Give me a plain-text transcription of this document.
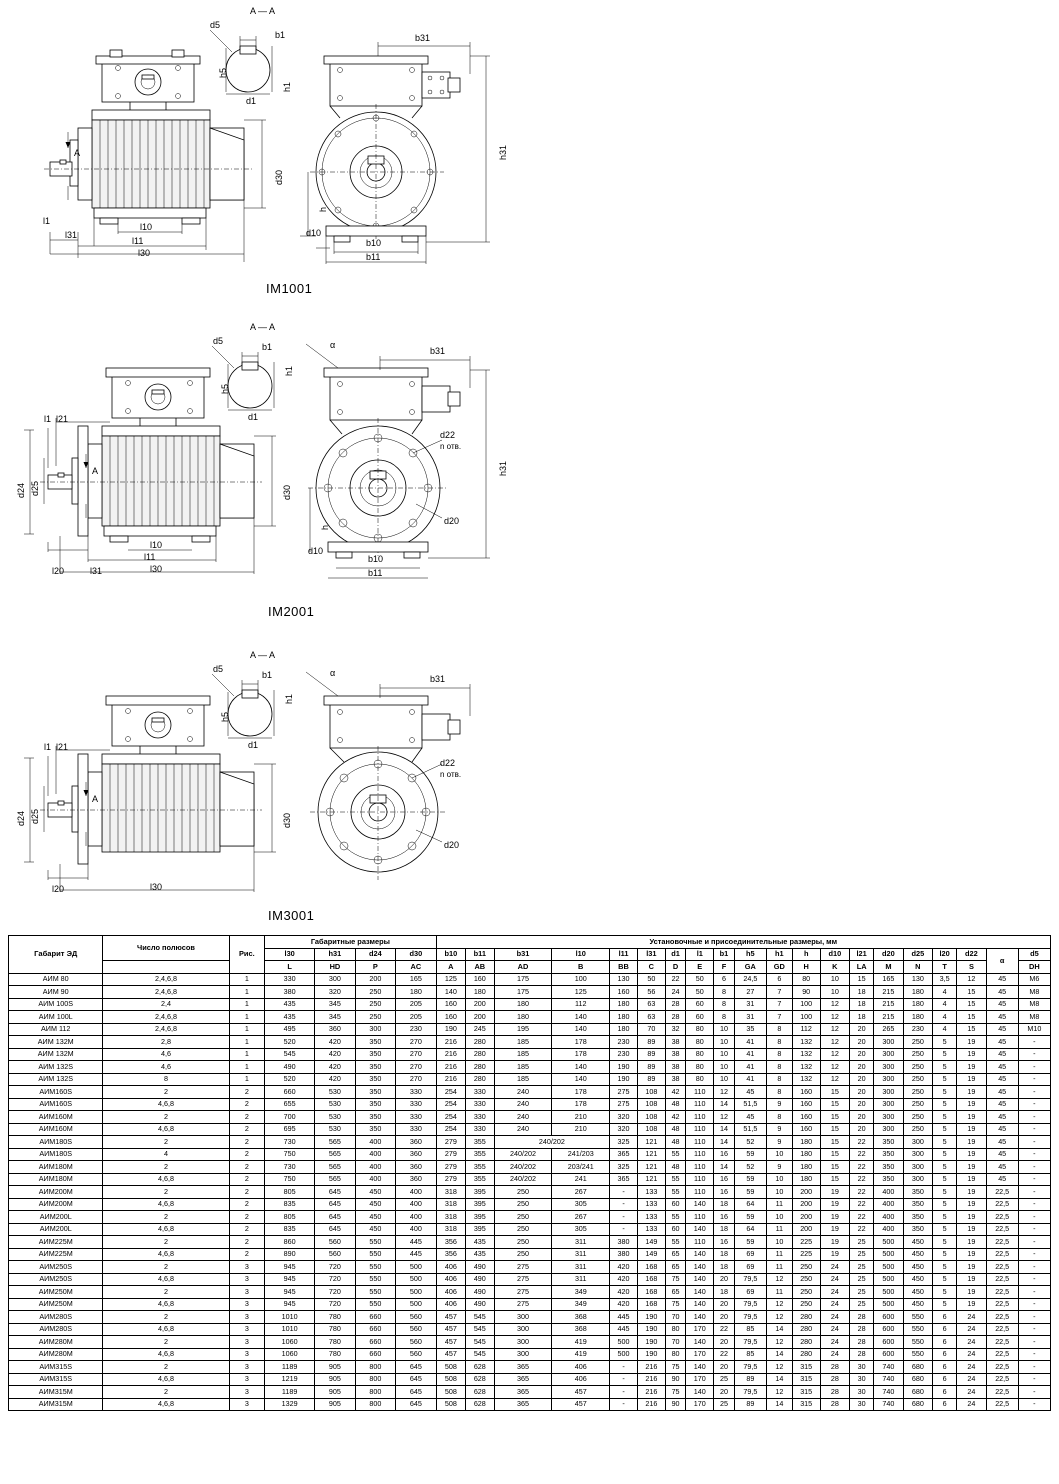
A — A
b1
d5
h5
h1
d1
b31
h31
d30
h
d10
b10
b11
A
l1
l31
l10
l11
l30
IM1001
A — A
b1
d5
h5
h1
d1
b31
α
h31
d30
h
d10
b10
b11
d22
n отв.
d20
l21
l1
d24 d25
A
l20	l31
l10
l11
l30
IM2001
A — A
b1
d5
h5
h1
d1
b31
α
d30
d22
n отв.
d20
l21
l1
d24 d25
A
l20	l30
IM3001
Габарит ЭД	Число полюсов	Рис.	Габаритные размеры				Установочные и присоединительные размеры, мм																			
			l30	h31	d24	d30	b10	b11	b31	l10	l11	l31	d1	l1	b1	h5	h1	h	d10	l21	d20	d25	l20	d22	α	d5
			L	HD	P	AC	A	AB	AD	B	BB	C	D	E	F	GA	GD	H	K	LA	M	N	T	S		DH
АИМ 80	2,4,6,8	1	330	300	200	165	125	160	175	100	130	50	22	50	6	24,5	6	80	10	15	165	130	3,5	12	45	М6
АИМ 90	2,4,6,8	1	380	320	250	180	140	180	175	125	160	56	24	50	8	27	7	90	10	18	215	180	4	15	45	М8
АИМ 100S	2,4	1	435	345	250	205	160	200	180	112	180	63	28	60	8	31	7	100	12	18	215	180	4	15	45	М8
АИМ 100L	2,4,6,8	1	435	345	250	205	160	200	180	140	180	63	28	60	8	31	7	100	12	18	215	180	4	15	45	М8
АИМ 112	2,4,6,8	1	495	360	300	230	190	245	195	140	180	70	32	80	10	35	8	112	12	20	265	230	4	15	45	М10
АИМ 132М	2,8	1	520	420	350	270	216	280	185	178	230	89	38	80	10	41	8	132	12	20	300	250	5	19	45	-
АИМ 132М	4,6	1	545	420	350	270	216	280	185	178	230	89	38	80	10	41	8	132	12	20	300	250	5	19	45	-
АИМ 132S	4,6	1	490	420	350	270	216	280	185	140	190	89	38	80	10	41	8	132	12	20	300	250	5	19	45	-
АИМ 132S	8	1	520	420	350	270	216	280	185	140	190	89	38	80	10	41	8	132	12	20	300	250	5	19	45	-
АИМ160S	2	2	660	530	350	330	254	330	240	178	275	108	42	110	12	45	8	160	15	20	300	250	5	19	45	-
АИМ160S	4,6,8	2	655	530	350	330	254	330	240	178	275	108	48	110	14	51,5	9	160	15	20	300	250	5	19	45	-
АИМ160М	2	2	700	530	350	330	254	330	240	210	320	108	42	110	12	45	8	160	15	20	300	250	5	19	45	-
АИМ160М	4,6,8	2	695	530	350	330	254	330	240	210	320	108	48	110	14	51,5	9	160	15	20	300	250	5	19	45	-
АИМ180S	2	2	730	565	400	360	279	355	240/202		325	121	48	110	14	52	9	180	15	22	350	300	5	19	45	-
АИМ180S	4	2	750	565	400	360	279	355	240/202	241/203	365	121	55	110	16	59	10	180	15	22	350	300	5	19	45	-
АИМ180М	2	2	730	565	400	360	279	355	240/202	203/241	325	121	48	110	14	52	9	180	15	22	350	300	5	19	45	-
АИМ180М	4,6,8	2	750	565	400	360	279	355	240/202	241	365	121	55	110	16	59	10	180	15	22	350	300	5	19	45	-
АИМ200М	2	2	805	645	450	400	318	395	250	267	-	133	55	110	16	59	10	200	19	22	400	350	5	19	22,5	-
АИМ200М	4,6,8	2	835	645	450	400	318	395	250	305	-	133	60	140	18	64	11	200	19	22	400	350	5	19	22,5	-
АИМ200L	2	2	805	645	450	400	318	395	250	267	-	133	55	110	16	59	10	200	19	22	400	350	5	19	22,5	-
АИМ200L	4,6,8	2	835	645	450	400	318	395	250	305	-	133	60	140	18	64	11	200	19	22	400	350	5	19	22,5	-
АИМ225М	2	2	860	560	550	445	356	435	250	311	380	149	55	110	16	59	10	225	19	25	500	450	5	19	22,5	-
АИМ225М	4,6,8	2	890	560	550	445	356	435	250	311	380	149	65	140	18	69	11	225	19	25	500	450	5	19	22,5	-
АИМ250S	2	3	945	720	550	500	406	490	275	311	420	168	65	140	18	69	11	250	24	25	500	450	5	19	22,5	-
АИМ250S	4,6,8	3	945	720	550	500	406	490	275	311	420	168	75	140	20	79,5	12	250	24	25	500	450	5	19	22,5	-
АИМ250М	2	3	945	720	550	500	406	490	275	349	420	168	65	140	18	69	11	250	24	25	500	450	5	19	22,5	-
АИМ250М	4,6,8	3	945	720	550	500	406	490	275	349	420	168	75	140	20	79,5	12	250	24	25	500	450	5	19	22,5	-
АИМ280S	2	3	1010	780	660	560	457	545	300	368	445	190	70	140	20	79,5	12	280	24	28	600	550	6	24	22,5	-
АИМ280S	4,6,8	3	1010	780	660	560	457	545	300	368	445	190	80	170	22	85	14	280	24	28	600	550	6	24	22,5	-
АИМ280М	2	3	1060	780	660	560	457	545	300	419	500	190	70	140	20	79,5	12	280	24	28	600	550	6	24	22,5	-
АИМ280М	4,6,8	3	1060	780	660	560	457	545	300	419	500	190	80	170	22	85	14	280	24	28	600	550	6	24	22,5	-
АИМ315S	2	3	1189	905	800	645	508	628	365	406	-	216	75	140	20	79,5	12	315	28	30	740	680	6	24	22,5	-
АИМ315S	4,6,8	3	1219	905	800	645	508	628	365	406	-	216	90	170	25	89	14	315	28	30	740	680	6	24	22,5	-
АИМ315М	2	3	1189	905	800	645	508	628	365	457	-	216	75	140	20	79,5	12	315	28	30	740	680	6	24	22,5	-
АИМ315М	4,6,8	3	1329	905	800	645	508	628	365	457	-	216	90	170	25	89	14	315	28	30	740	680	6	24	22,5	-
